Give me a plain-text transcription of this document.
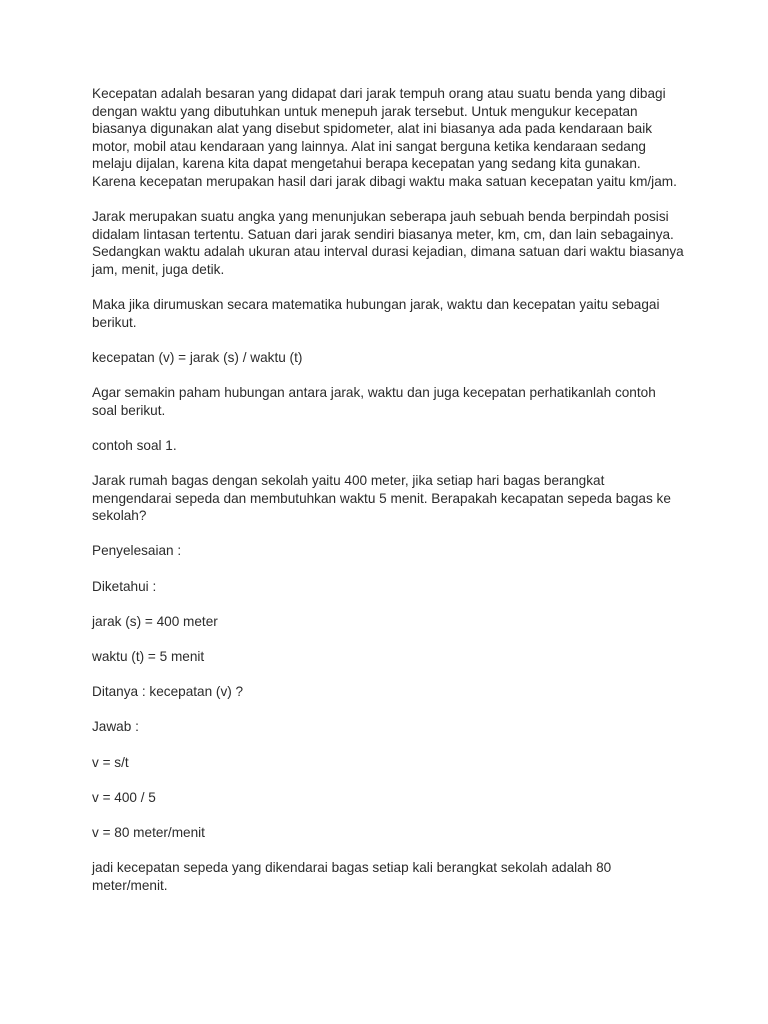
Kecepatan adalah besaran yang didapat dari jarak tempuh orang atau suatu benda yang dibagi dengan waktu yang dibutuhkan untuk menepuh jarak tersebut. Untuk mengukur kecepatan biasanya digunakan alat yang disebut spidometer, alat ini biasanya ada pada kendaraan baik motor, mobil atau kendaraan yang lainnya. Alat ini sangat berguna ketika kendaraan sedang melaju dijalan, karena kita dapat mengetahui berapa kecepatan yang sedang kita gunakan. Karena kecepatan merupakan hasil dari jarak dibagi waktu maka satuan kecepatan yaitu km/jam.

Jarak merupakan suatu angka yang menunjukan seberapa jauh sebuah benda berpindah posisi didalam lintasan tertentu. Satuan dari jarak sendiri biasanya meter, km, cm, dan lain sebagainya. Sedangkan waktu adalah ukuran atau interval durasi kejadian, dimana satuan dari waktu biasanya jam, menit, juga detik.

Maka jika dirumuskan secara matematika hubungan jarak, waktu dan kecepatan yaitu sebagai berikut.

kecepatan (v) = jarak (s) / waktu (t)

Agar semakin paham hubungan antara jarak, waktu dan juga kecepatan perhatikanlah contoh soal berikut.

contoh soal 1.

Jarak rumah bagas dengan sekolah yaitu 400 meter, jika setiap hari bagas berangkat mengendarai sepeda dan membutuhkan waktu 5 menit. Berapakah kecapatan sepeda bagas ke sekolah?

Penyelesaian :

Diketahui :

jarak (s) = 400 meter

waktu (t) = 5 menit

Ditanya : kecepatan (v) ?

Jawab :

v = s/t

v = 400 / 5

v = 80 meter/menit

jadi kecepatan sepeda yang dikendarai bagas setiap kali berangkat sekolah adalah 80 meter/menit.
